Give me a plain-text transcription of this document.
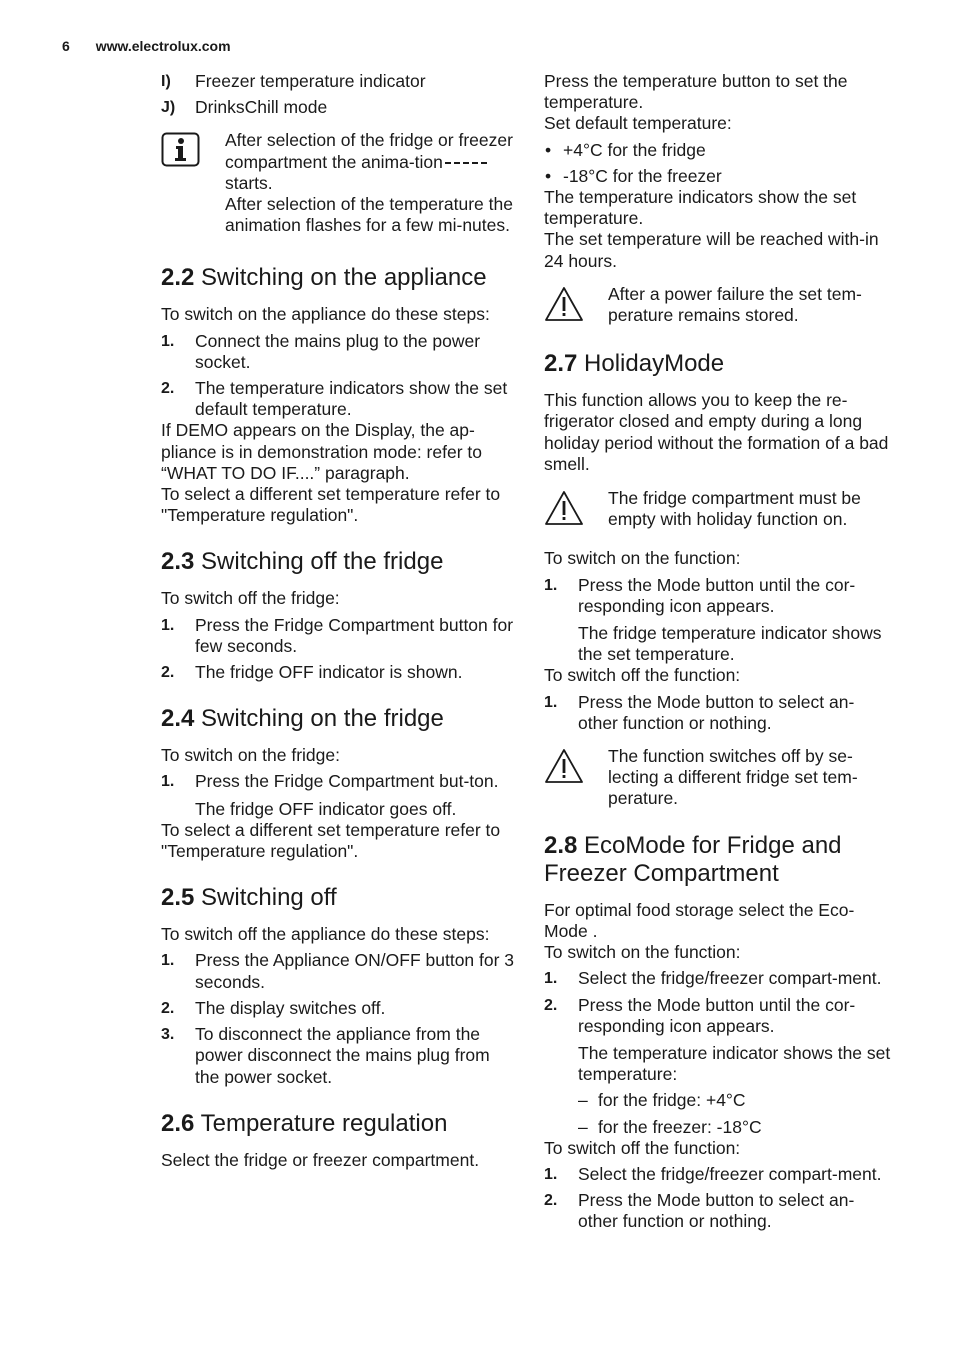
6 www.electrolux.com
I) Freezer temperature indicator
J) DrinksChill mode
After selection of the fridge or freezer compartment the anima-tionstarts.
After selection of the temperature the animation flashes for a few mi-nutes.
2.2 Switching on the appliance

To switch on the appliance do these steps:

1. Connect the mains plug to the power socket.
2. The temperature indicators show the set default temperature.

If DEMO appears on the Display, the ap-pliance is in demonstration mode: refer to “WHAT TO DO IF....” paragraph.

To select a different set temperature refer to "Temperature regulation".

2.3 Switching off the fridge

To switch off the fridge:

1. Press the Fridge Compartment button for few seconds.
2. The fridge OFF indicator is shown.
2.4 Switching on the fridge

To switch on the fridge:

1. Press the Fridge Compartment but-ton.
The fridge OFF indicator goes off.

To select a different set temperature refer to "Temperature regulation".

2.5 Switching off

To switch off the appliance do these steps:

1. Press the Appliance ON/OFF button for 3 seconds.
2. The display switches off.
3. To disconnect the appliance from the power disconnect the mains plug from the power socket.
2.6 Temperature regulation

Select the fridge or freezer compartment.

Press the temperature button to set the temperature.

Set default temperature:

• +4°C for the fridge
• -18°C for the freezer

The temperature indicators show the set temperature.

The set temperature will be reached with-in 24 hours.

After a power failure the set tem-perature remains stored.
2.7 HolidayMode

This function allows you to keep the re-frigerator closed and empty during a long holiday period without the formation of a bad smell.

The fridge compartment must be empty with holiday function on.

To switch on the function:

1. Press the Mode button until the cor-responding icon appears.
The fridge temperature indicator shows the set temperature.

To switch off the function:

1. Press the Mode button to select an-other function or nothing.
The function switches off by se-lecting a different fridge set tem-perature.
2.8 EcoMode for Fridge and Freezer Compartment

For optimal food storage select the Eco-Mode .

To switch on the function:

1. Select the fridge/freezer compart-ment.
2. Press the Mode button until the cor-responding icon appears.
The temperature indicator shows the set temperature:
– for the fridge: +4°C
– for the freezer: -18°C

To switch off the function:

1. Select the fridge/freezer compart-ment.
2. Press the Mode button to select an-other function or nothing.
